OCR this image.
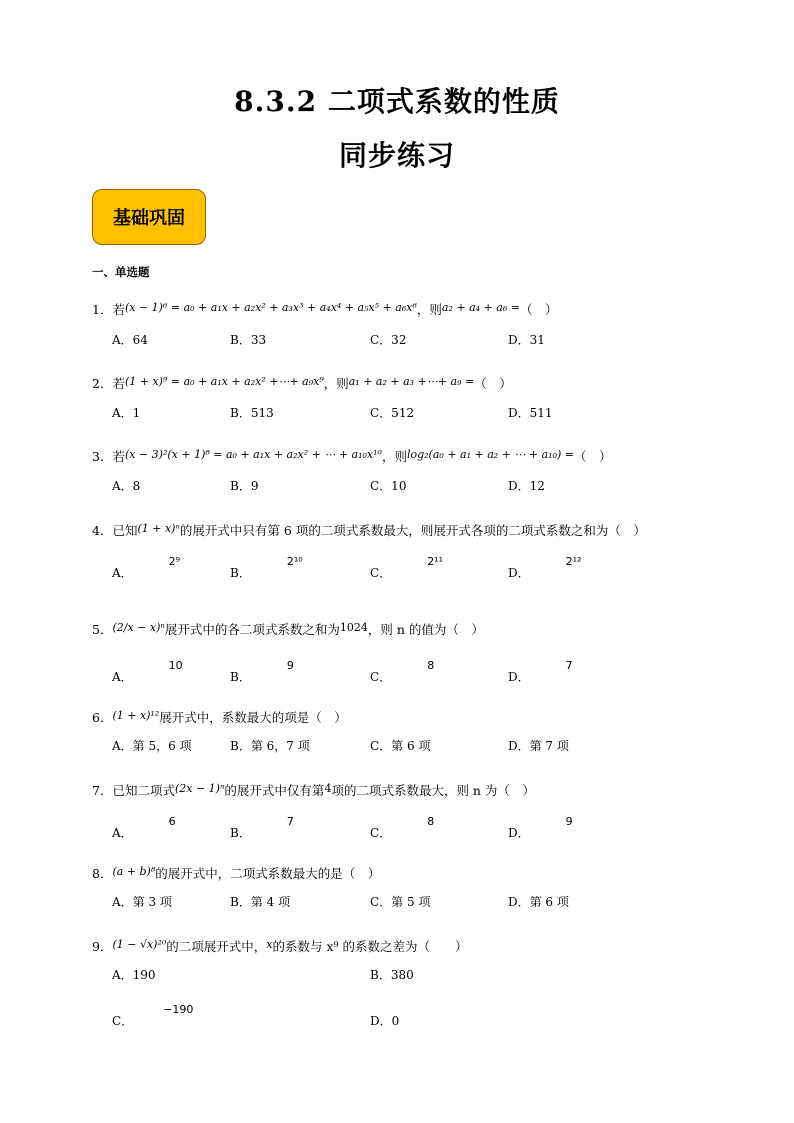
8.3.2 二项式系数的性质
同步练习
基础巩固
一、单选题
1．若(x − 1)⁶ = a₀ + a₁x + a₂x² + a₃x³ + a₄x⁴ + a₅x⁵ + a₆x⁶，则a₂ + a₄ + a₆ =（　）
A．64	B．33	C．32	D．31
2．若(1 + x)⁹ = a₀ + a₁x + a₂x² +⋯+ a₉x⁹，则a₁ + a₂ + a₃ +⋯+ a₉ =（　）
A．1	B．513	C．512	D．511
3．若(x − 3)²(x + 1)⁸ = a₀ + a₁x + a₂x² + ⋯ + a₁₀x¹⁰，则log₂(a₀ + a₁ + a₂ + ⋯ + a₁₀) =（　）
A．8	B．9	C．10	D．12
4．已知(1 + x)ⁿ的展开式中只有第 6 项的二项式系数最大，则展开式各项的二项式系数之和为（　）
A．2⁹
B．2¹⁰
C．2¹¹
D．2¹²
5．(2/x − x)ⁿ展开式中的各二项式系数之和为1024，则 n 的值为（　）
A．10
B．9
C．8
D．7
6．(1 + x)¹²展开式中，系数最大的项是（　）
A．第 5，6 项	B．第 6，7 项	C．第 6 项	D．第 7 项
7．已知二项式(2x − 1)ⁿ的展开式中仅有第4项的二项式系数最大，则 n 为（　）
A．6
B．7
C．8
D．9
8．(a + b)⁸的展开式中，二项式系数最大的是（　）
A．第 3 项	B．第 4 项	C．第 5 项	D．第 6 项
9．(1 − √x)²⁰的二项展开式中，x的系数与 x⁹ 的系数之差为（　　）
A．190	B．380
C．−190
D．0
